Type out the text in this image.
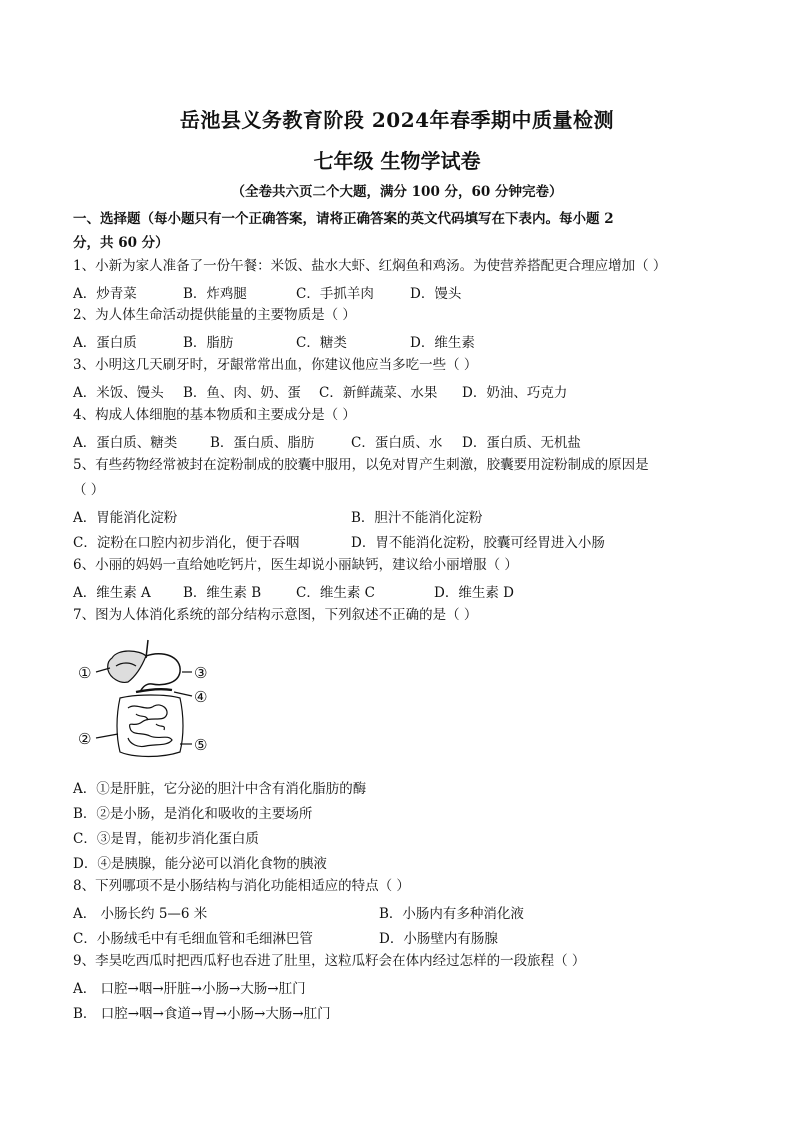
岳池县义务教育阶段 2024年春季期中质量检测
七年级 生物学试卷
（全卷共六页二个大题，满分 100 分，60 分钟完卷）
一、选择题（每小题只有一个正确答案，请将正确答案的英文代码填写在下表内。每小题 2
分，共 60 分）
1、小新为家人准备了一份午餐：米饭、盐水大虾、红焖鱼和鸡汤。为使营养搭配更合理应增加（ ）
A．炒青菜	B．炸鸡腿	C．手抓羊肉	D．馒头
2、为人体生命活动提供能量的主要物质是（ ）
A．蛋白质	B．脂肪	C．糖类	D．维生素
3、小明这几天刷牙时，牙龈常常出血，你建议他应当多吃一些（ ）
A．米饭、馒头 B．鱼、肉、奶、蛋 C．新鲜蔬菜、水果 D．奶油、巧克力
4、构成人体细胞的基本物质和主要成分是（ ）
A．蛋白质、糖类 B．蛋白质、脂肪	C．蛋白质、水 D．蛋白质、无机盐
5、有些药物经常被封在淀粉制成的胶囊中服用，以免对胃产生刺激，胶囊要用淀粉制成的原因是
（ ）
A．胃能消化淀粉	B．胆汁不能消化淀粉
C．淀粉在口腔内初步消化，便于吞咽	D．胃不能消化淀粉，胶囊可经胃进入小肠
6、小丽的妈妈一直给她吃钙片，医生却说小丽缺钙，建议给小丽增服（ ）
A．维生素 A B．维生素 B	C．维生素 C	D．维生素 D
7、图为人体消化系统的部分结构示意图，下列叙述不正确的是（ ）
①
②
③
④
⑤
A．①是肝脏，它分泌的胆汁中含有消化脂肪的酶
B．②是小肠，是消化和吸收的主要场所
C．③是胃，能初步消化蛋白质
D．④是胰腺，能分泌可以消化食物的胰液
8、下列哪项不是小肠结构与消化功能相适应的特点（ ）
A． 小肠长约 5—6 米	B．小肠内有多种消化液
C．小肠绒毛中有毛细血管和毛细淋巴管	D．小肠壁内有肠腺
9、李昊吃西瓜时把西瓜籽也吞进了肚里，这粒瓜籽会在体内经过怎样的一段旅程（ ）
A． 口腔→咽→肝脏→小肠→大肠→肛门
B． 口腔→咽→食道→胃→小肠→大肠→肛门
